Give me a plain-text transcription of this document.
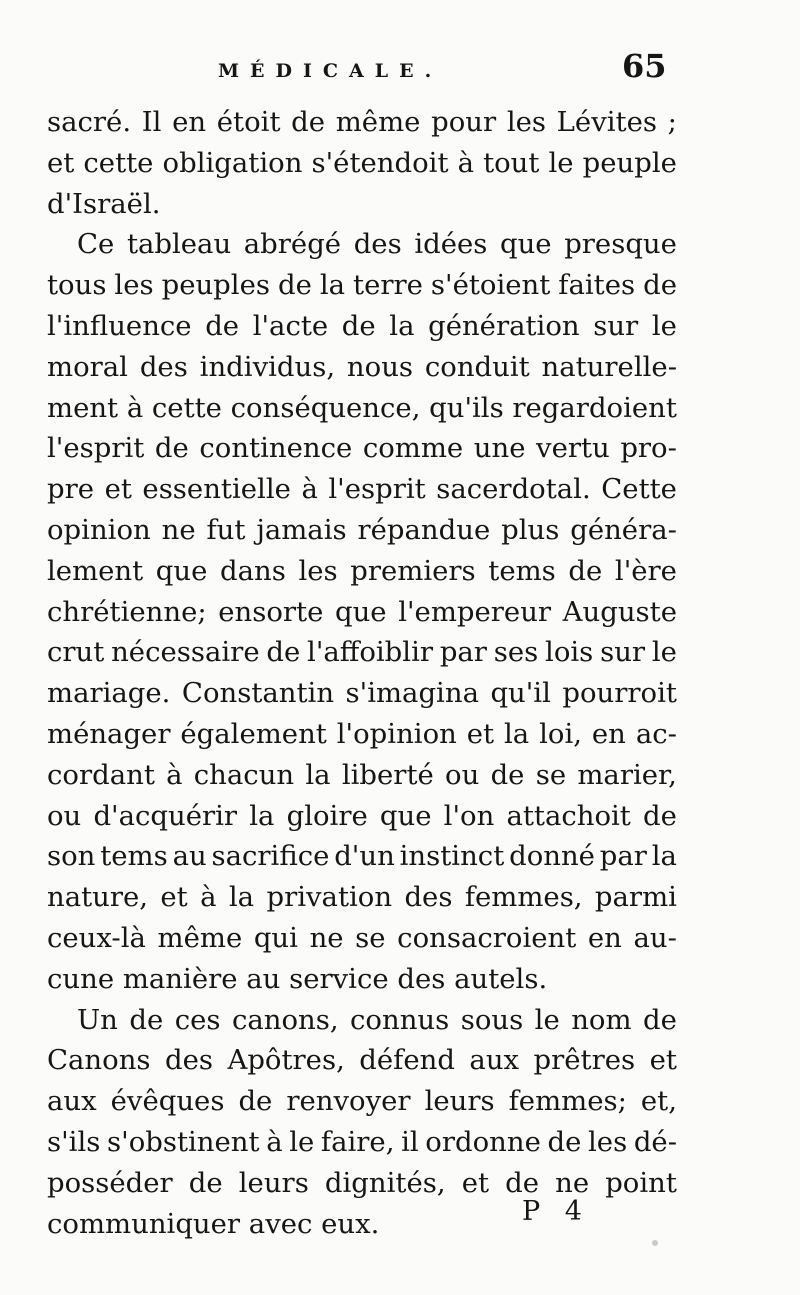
MÉDICALE.	65
sacré. Il en étoit de même pour les Lévites ;
et cette obligation s'étendoit à tout le peuple
d'Israël.
Ce tableau abrégé des idées que presque
tous les peuples de la terre s'étoient faites de
l'influence de l'acte de la génération sur le
moral des individus, nous conduit naturelle-
ment à cette conséquence, qu'ils regardoient
l'esprit de continence comme une vertu pro-
pre et essentielle à l'esprit sacerdotal. Cette
opinion ne fut jamais répandue plus généra-
lement que dans les premiers tems de l'ère
chrétienne; ensorte que l'empereur Auguste
crut nécessaire de l'affoiblir par ses lois sur le
mariage. Constantin s'imagina qu'il pourroit
ménager également l'opinion et la loi, en ac-
cordant à chacun la liberté ou de se marier,
ou d'acquérir la gloire que l'on attachoit de
son tems au sacrifice d'un instinct donné par la
nature, et à la privation des femmes, parmi
ceux-là même qui ne se consacroient en au-
cune manière au service des autels.
Un de ces canons, connus sous le nom de
Canons des Apôtres, défend aux prêtres et
aux évêques de renvoyer leurs femmes; et,
s'ils s'obstinent à le faire, il ordonne de les dé-
posséder de leurs dignités, et de ne point
communiquer avec eux.	P 4
